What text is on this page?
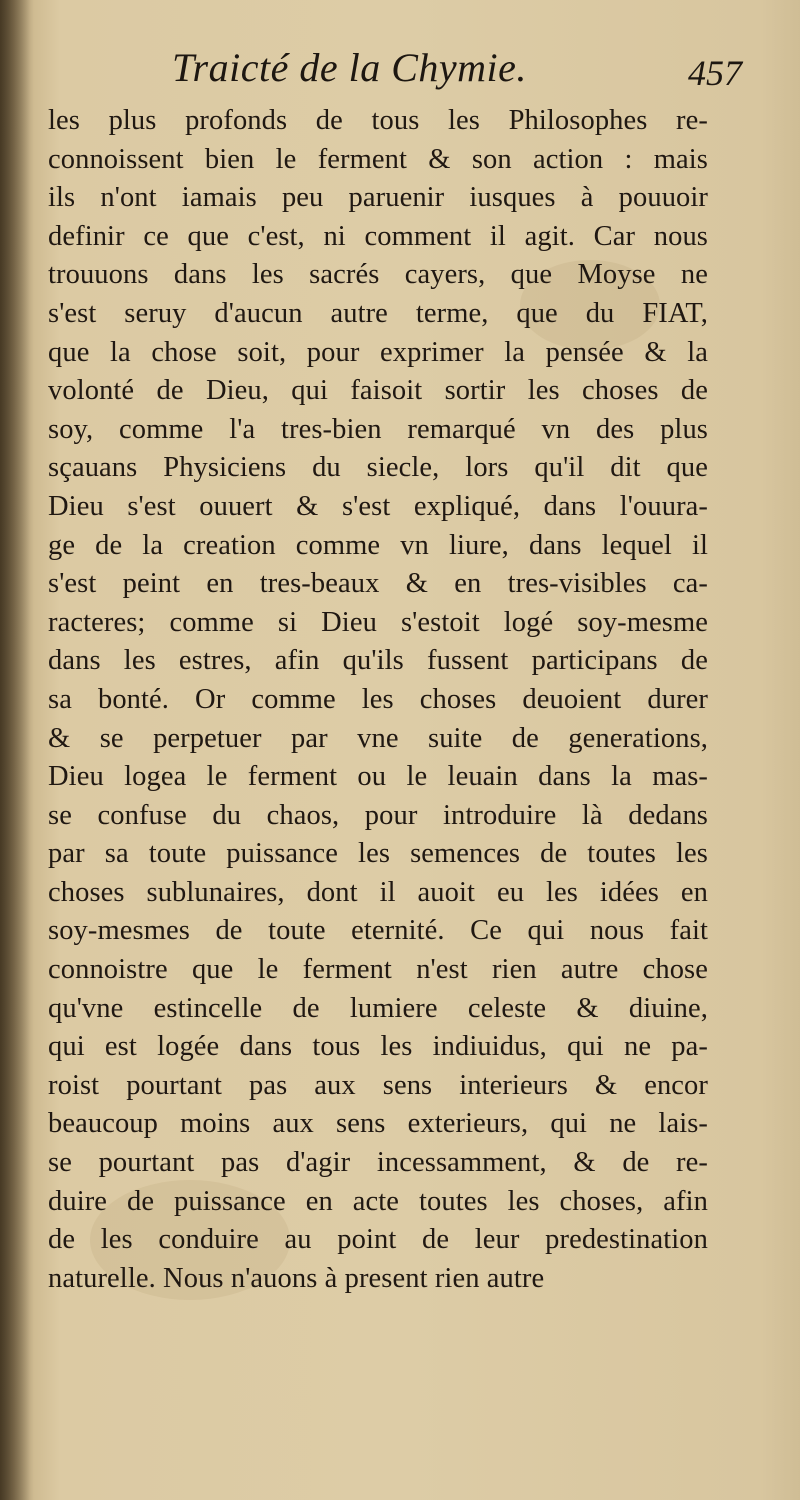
Traicté de la Chymie.	457
les plus profonds de tous les Philosophes re-
connoissent bien le ferment & son action : mais
ils n'ont iamais peu paruenir iusques à pouuoir
definir ce que c'est, ni comment il agit. Car nous
trouuons dans les sacrés cayers, que Moyse ne
s'est seruy d'aucun autre terme, que du FIAT,
que la chose soit, pour exprimer la pensée & la
volonté de Dieu, qui faisoit sortir les choses de
soy, comme l'a tres-bien remarqué vn des plus
sçauans Physiciens du siecle, lors qu'il dit que
Dieu s'est ouuert & s'est expliqué, dans l'ouura-
ge de la creation comme vn liure, dans lequel il
s'est peint en tres-beaux & en tres-visibles ca-
racteres; comme si Dieu s'estoit logé soy-mesme
dans les estres, afin qu'ils fussent participans de
sa bonté. Or comme les choses deuoient durer
& se perpetuer par vne suite de generations,
Dieu logea le ferment ou le leuain dans la mas-
se confuse du chaos, pour introduire là dedans
par sa toute puissance les semences de toutes les
choses sublunaires, dont il auoit eu les idées en
soy-mesmes de toute eternité. Ce qui nous fait
connoistre que le ferment n'est rien autre chose
qu'vne estincelle de lumiere celeste & diuine,
qui est logée dans tous les indiuidus, qui ne pa-
roist pourtant pas aux sens interieurs & encor
beaucoup moins aux sens exterieurs, qui ne lais-
se pourtant pas d'agir incessamment, & de re-
duire de puissance en acte toutes les choses, afin
de les conduire au point de leur predestination
naturelle. Nous n'auons à present rien autre
